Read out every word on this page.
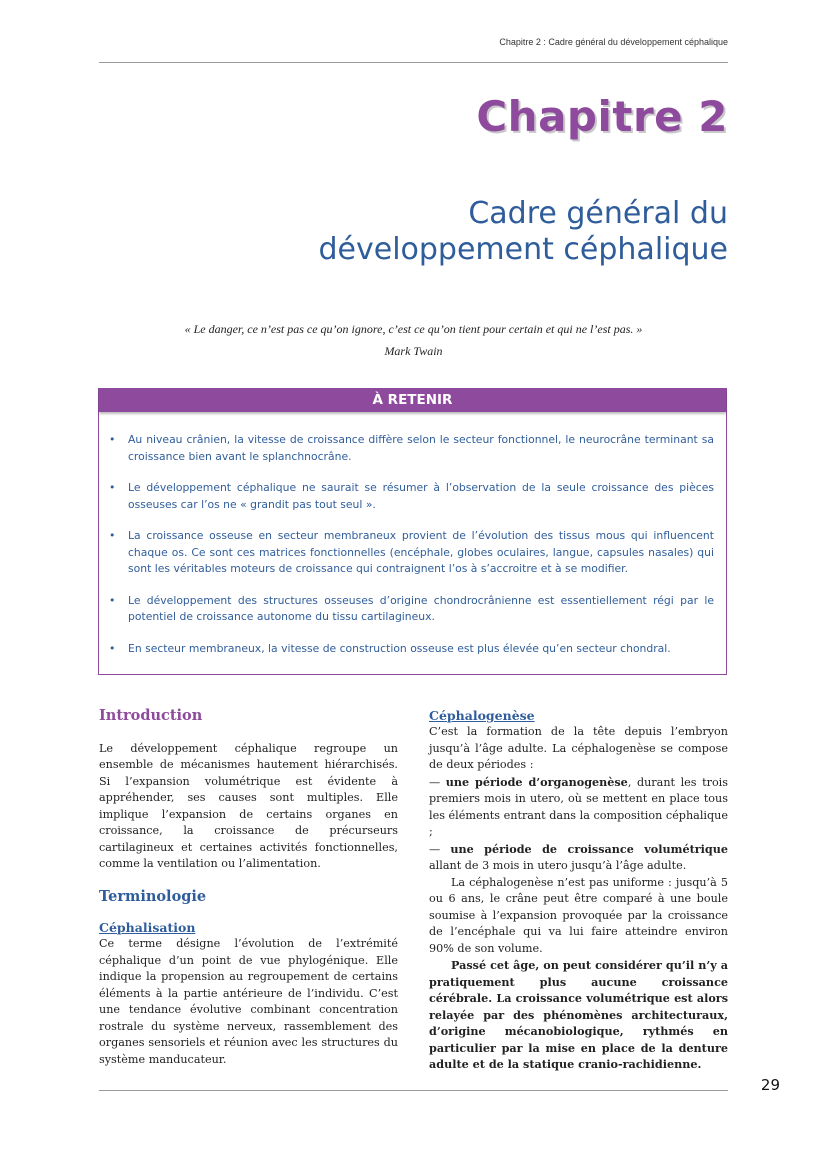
Chapitre 2 : Cadre général du développement céphalique
Chapitre 2
Cadre général du
développement céphalique
« Le danger, ce n’est pas ce qu’on ignore, c’est ce qu’on tient pour certain et qui ne l’est pas. »
Mark Twain
À RETENIR
• Au niveau crânien, la vitesse de croissance diffère selon le secteur fonctionnel, le neurocrâne terminant sa croissance bien avant le splanchnocrâne.
• Le développement céphalique ne saurait se résumer à l’observation de la seule croissance des pièces osseuses car l’os ne « grandit pas tout seul ».
• La croissance osseuse en secteur membraneux provient de l’évolution des tissus mous qui influencent chaque os. Ce sont ces matrices fonctionnelles (encéphale, globes oculaires, langue, capsules nasales) qui sont les véritables moteurs de croissance qui contraignent l’os à s’accroitre et à se modifier.
• Le développement des structures osseuses d’origine chondrocrânienne est essentiellement régi par le potentiel de croissance autonome du tissu cartilagineux.
• En secteur membraneux, la vitesse de construction osseuse est plus élevée qu’en secteur chondral.
Introduction

Le développement céphalique regroupe un ensemble de mécanismes hautement hiérarchisés. Si l’expansion volumétrique est évidente à appréhender, ses causes sont multiples. Elle implique l’expansion de certains organes en croissance, la croissance de précurseurs cartilagineux et certaines activités fonctionnelles, comme la ventilation ou l’alimentation.

Terminologie
Céphalisation

Ce terme désigne l’évolution de l’extrémité céphalique d’un point de vue phylogénique. Elle indique la propension au regroupement de certains éléments à la partie antérieure de l’individu. C’est une tendance évolutive combinant concentration rostrale du système nerveux, rassemblement des organes sensoriels et réunion avec les structures du système manducateur.

Céphalogenèse

C’est la formation de la tête depuis l’embryon jusqu’à l’âge adulte. La céphalogenèse se compose de deux périodes :

— une période d’organogenèse, durant les trois premiers mois in utero, où se mettent en place tous les éléments entrant dans la composition céphalique ;

— une période de croissance volumétrique allant de 3 mois in utero jusqu’à l’âge adulte.

La céphalogenèse n’est pas uniforme : jusqu’à 5 ou 6 ans, le crâne peut être comparé à une boule soumise à l’expansion provoquée par la croissance de l’encéphale qui va lui faire atteindre environ 90% de son volume.

Passé cet âge, on peut considérer qu’il n’y a pratiquement plus aucune croissance cérébrale. La croissance volumétrique est alors relayée par des phénomènes architecturaux, d’origine mécanobiologique, rythmés en particulier par la mise en place de la denture adulte et de la statique cranio-rachidienne.

29
